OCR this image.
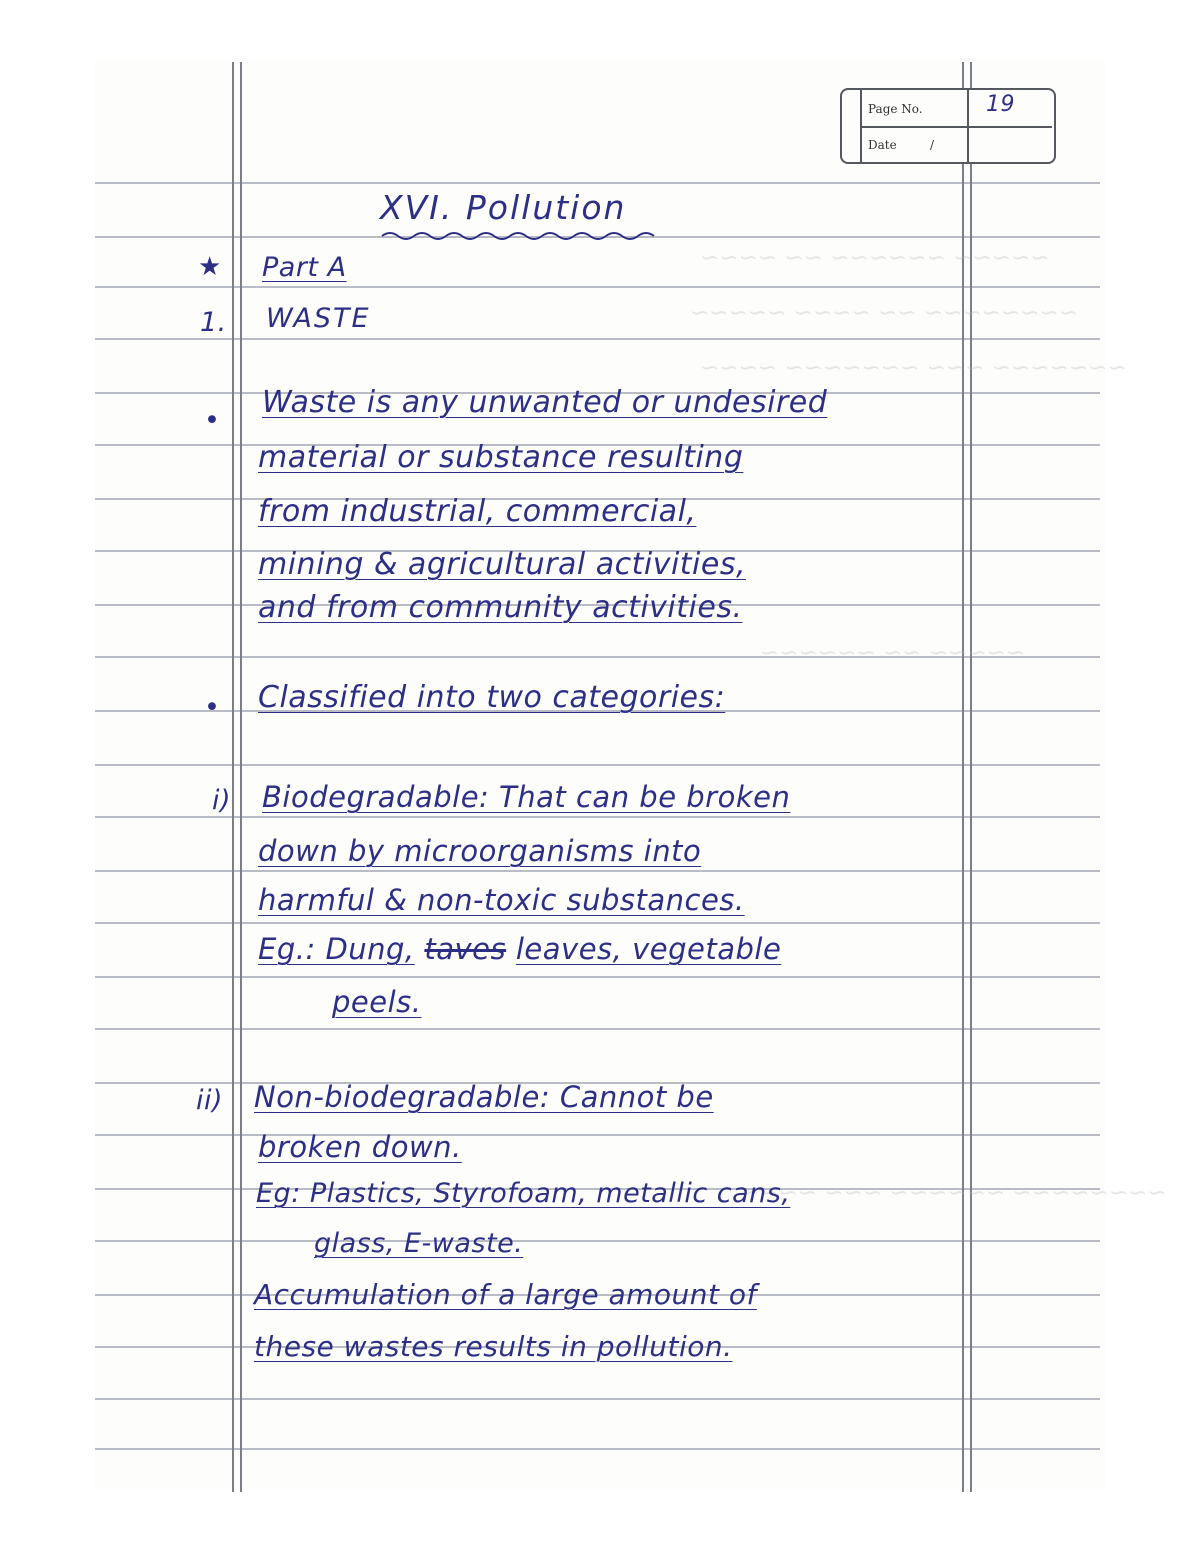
~~~~~ ~~~~~~ ~~ ~~~~
~~~~~~~~ ~~ ~~~~ ~~~~~
~~~~~~~ ~~~ ~~~~~~~ ~~~~
~~~~~ ~~ ~~~~~~
~~~~~~~~ ~~~~~~ ~~~ ~~~~
Page No.	19
Date	/
XVI. Pollution
★ Part A
1. WASTE
•
Waste is any unwanted or undesired
material or substance resulting
from industrial, commercial,
mining & agricultural activities,
and from community activities.
• Classified into two categories:
i) Biodegradable: That can be broken
down by microorganisms into
harmful & non-toxic substances.
Eg.: Dung, taves leaves, vegetable
peels.
ii) Non-biodegradable: Cannot be
broken down.
Eg: Plastics, Styrofoam, metallic cans,
glass, E-waste.
Accumulation of a large amount of
these wastes results in pollution.
